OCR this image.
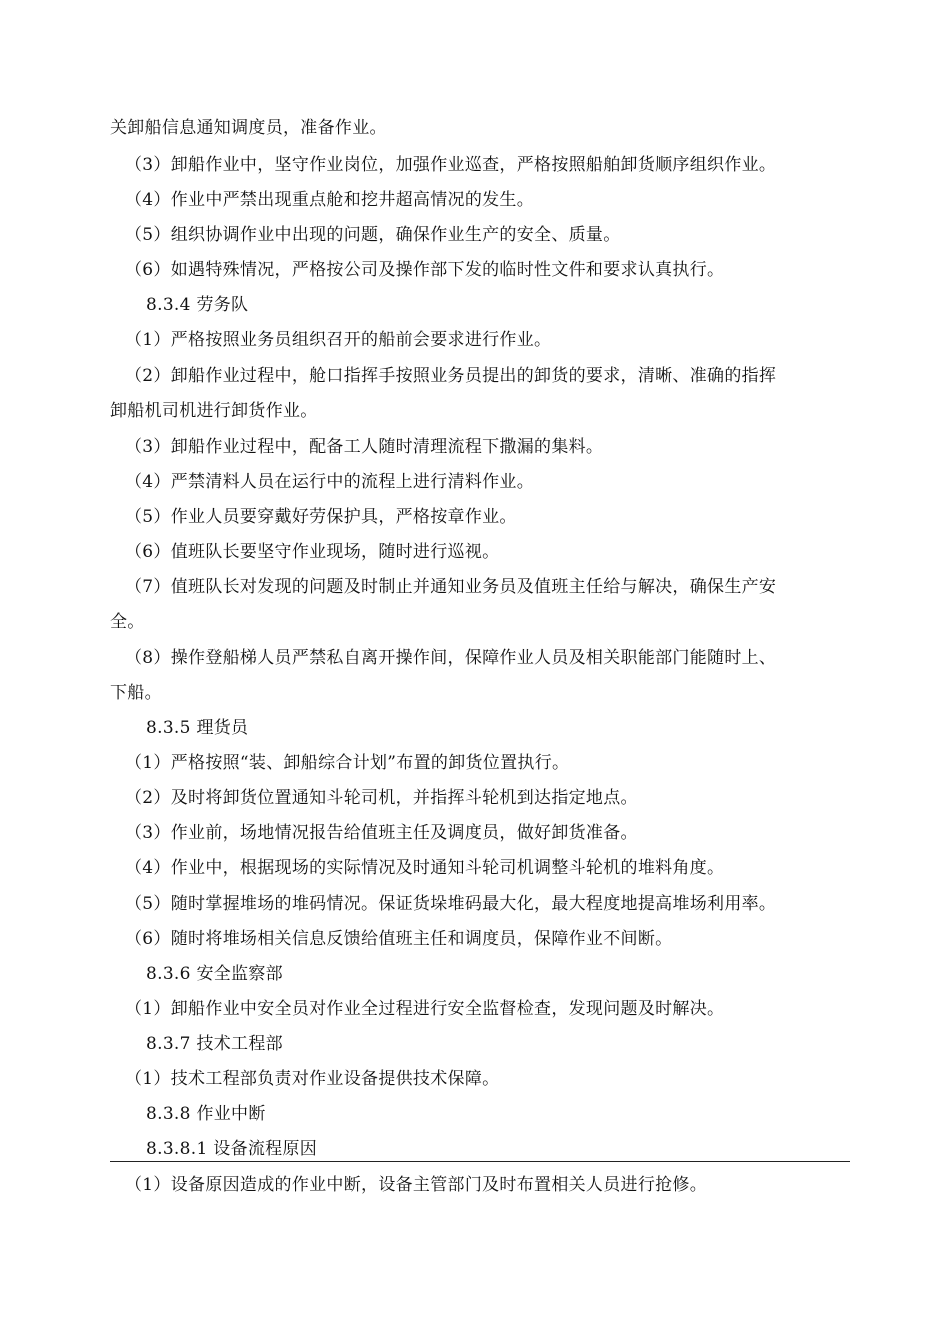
关卸船信息通知调度员，准备作业。
（3）卸船作业中，坚守作业岗位，加强作业巡查，严格按照船舶卸货顺序组织作业。
（4）作业中严禁出现重点舱和挖井超高情况的发生。
（5）组织协调作业中出现的问题，确保作业生产的安全、质量。
（6）如遇特殊情况，严格按公司及操作部下发的临时性文件和要求认真执行。
8.3.4 劳务队
（1）严格按照业务员组织召开的船前会要求进行作业。
（2）卸船作业过程中，舱口指挥手按照业务员提出的卸货的要求，清晰、准确的指挥
卸船机司机进行卸货作业。
（3）卸船作业过程中，配备工人随时清理流程下撒漏的集料。
（4）严禁清料人员在运行中的流程上进行清料作业。
（5）作业人员要穿戴好劳保护具，严格按章作业。
（6）值班队长要坚守作业现场，随时进行巡视。
（7）值班队长对发现的问题及时制止并通知业务员及值班主任给与解决，确保生产安
全。
（8）操作登船梯人员严禁私自离开操作间，保障作业人员及相关职能部门能随时上、
下船。
8.3.5 理货员
（1）严格按照“装、卸船综合计划”布置的卸货位置执行。
（2）及时将卸货位置通知斗轮司机，并指挥斗轮机到达指定地点。
（3）作业前，场地情况报告给值班主任及调度员，做好卸货准备。
（4）作业中，根据现场的实际情况及时通知斗轮司机调整斗轮机的堆料角度。
（5）随时掌握堆场的堆码情况。保证货垛堆码最大化，最大程度地提高堆场利用率。
（6）随时将堆场相关信息反馈给值班主任和调度员，保障作业不间断。
8.3.6 安全监察部
（1）卸船作业中安全员对作业全过程进行安全监督检查，发现问题及时解决。
8.3.7 技术工程部
（1）技术工程部负责对作业设备提供技术保障。
8.3.8 作业中断
8.3.8.1 设备流程原因
（1）设备原因造成的作业中断，设备主管部门及时布置相关人员进行抢修。
